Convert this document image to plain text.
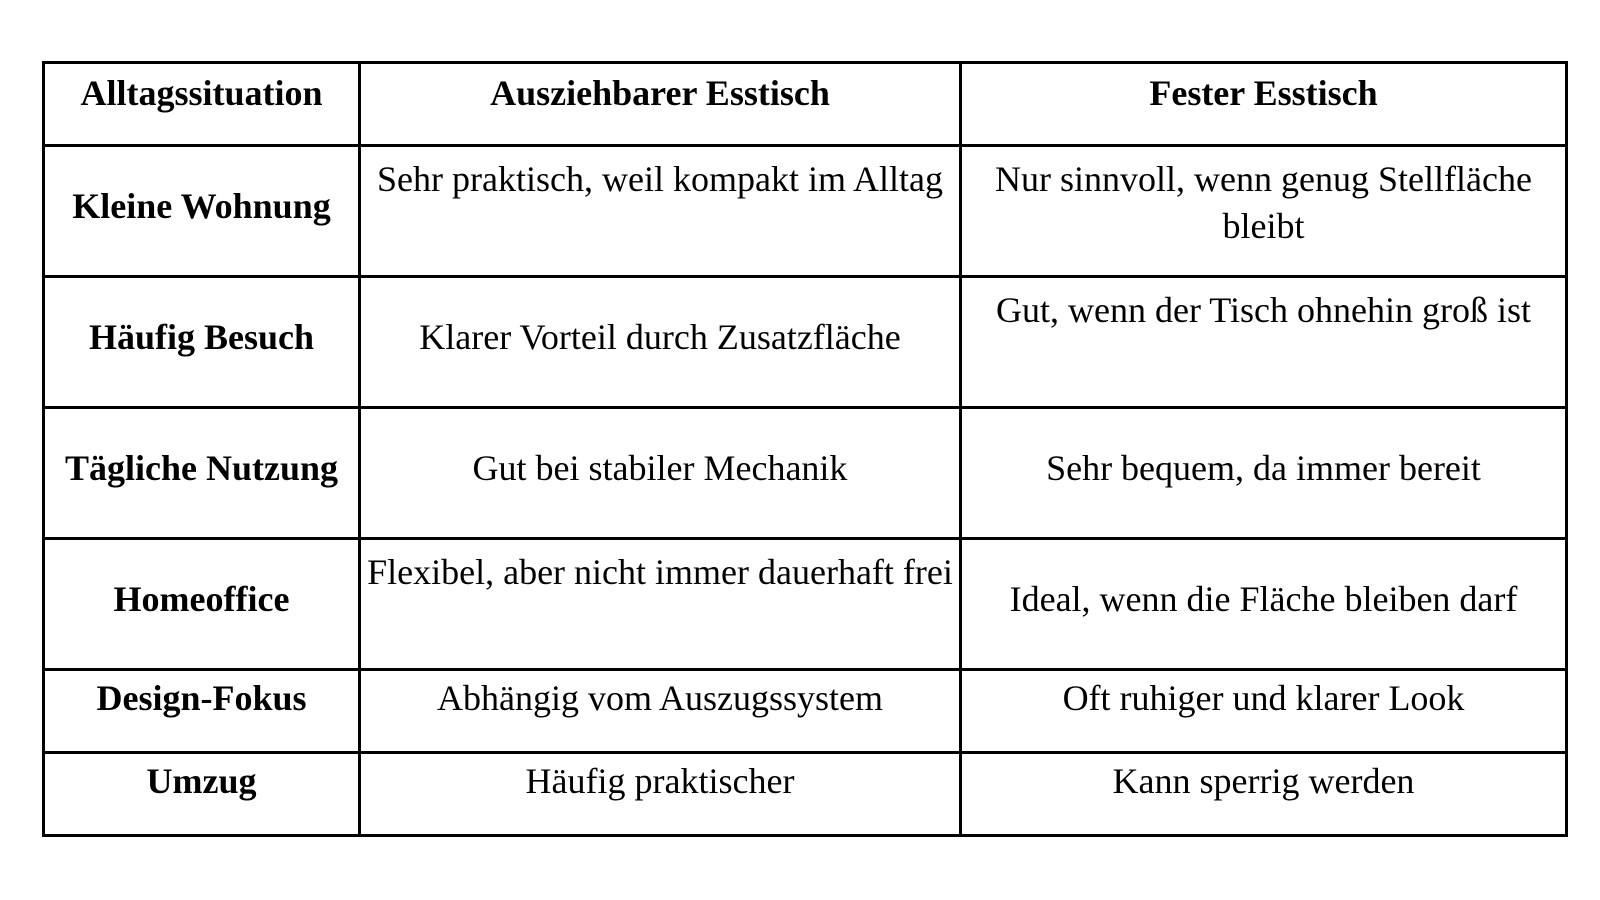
Alltagssituation	Ausziehbarer Esstisch	Fester Esstisch
Kleine Wohnung	Sehr praktisch, weil kompakt im Alltag	Nur sinnvoll, wenn genug Stellfläche bleibt
Häufig Besuch	Klarer Vorteil durch Zusatzfläche	Gut, wenn der Tisch ohnehin groß ist
Tägliche Nutzung	Gut bei stabiler Mechanik	Sehr bequem, da immer bereit
Homeoffice	Flexibel, aber nicht immer dauerhaft frei	Ideal, wenn die Fläche bleiben darf
Design-Fokus	Abhängig vom Auszugssystem	Oft ruhiger und klarer Look
Umzug	Häufig praktischer	Kann sperrig werden
